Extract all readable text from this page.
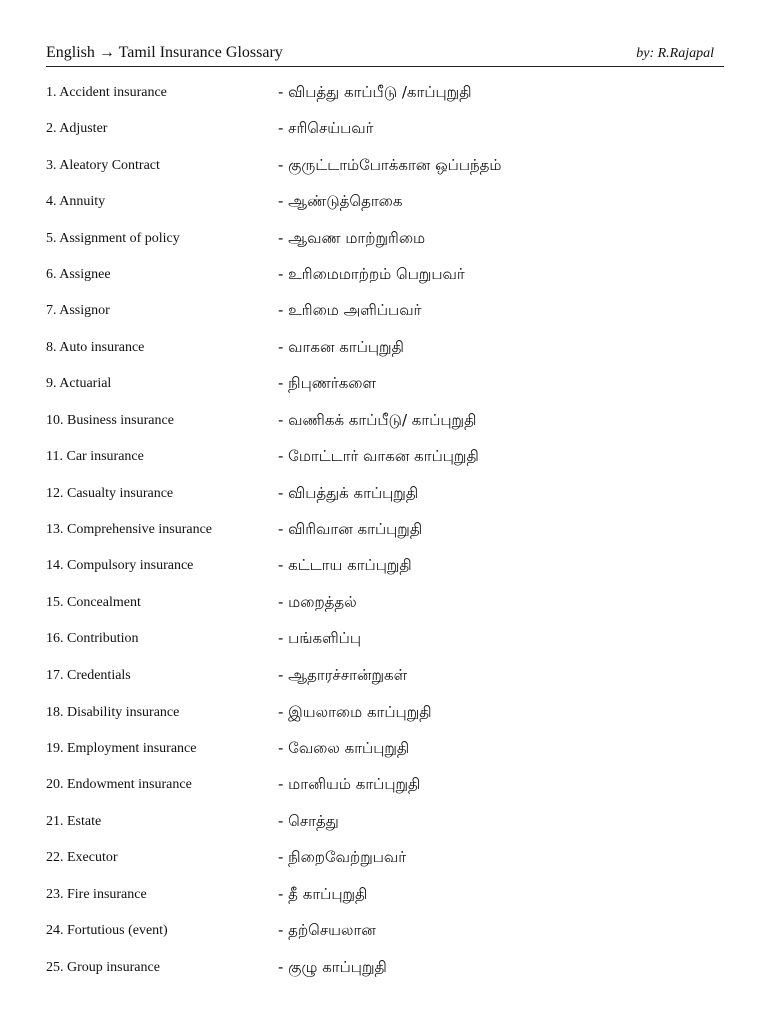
English → Tamil Insurance Glossary	by: R.Rajapal
1. Accident insurance	- விபத்து காப்பீடு /காப்புறுதி
2. Adjuster	- சரிசெய்பவர்
3. Aleatory Contract	- குருட்டாம்போக்கான ஒப்பந்தம்
4. Annuity	- ஆண்டுத்தொகை
5. Assignment of policy	- ஆவண மாற்றுரிமை
6. Assignee	- உரிமைமாற்றம் பெறுபவர்
7. Assignor	- உரிமை அளிப்பவர்
8. Auto insurance	- வாகன காப்புறுதி
9. Actuarial	- நிபுணர்களை
10. Business insurance	- வணிகக் காப்பீடு/ காப்புறுதி
11. Car insurance	- மோட்டார் வாகன காப்புறுதி
12. Casualty insurance	- விபத்துக் காப்புறுதி
13. Comprehensive insurance	- விரிவான காப்புறுதி
14. Compulsory insurance	- கட்டாய காப்புறுதி
15. Concealment	- மறைத்தல்
16. Contribution	- பங்களிப்பு
17. Credentials	- ஆதாரச்சான்றுகள்
18. Disability insurance	- இயலாமை காப்புறுதி
19. Employment insurance	- வேலை காப்புறுதி
20. Endowment insurance	- மானியம் காப்புறுதி
21. Estate	- சொத்து
22. Executor	- நிறைவேற்றுபவர்
23. Fire insurance	- தீ காப்புறுதி
24. Fortutious (event)	- தற்செயலான
25. Group insurance	- குழு காப்புறுதி
